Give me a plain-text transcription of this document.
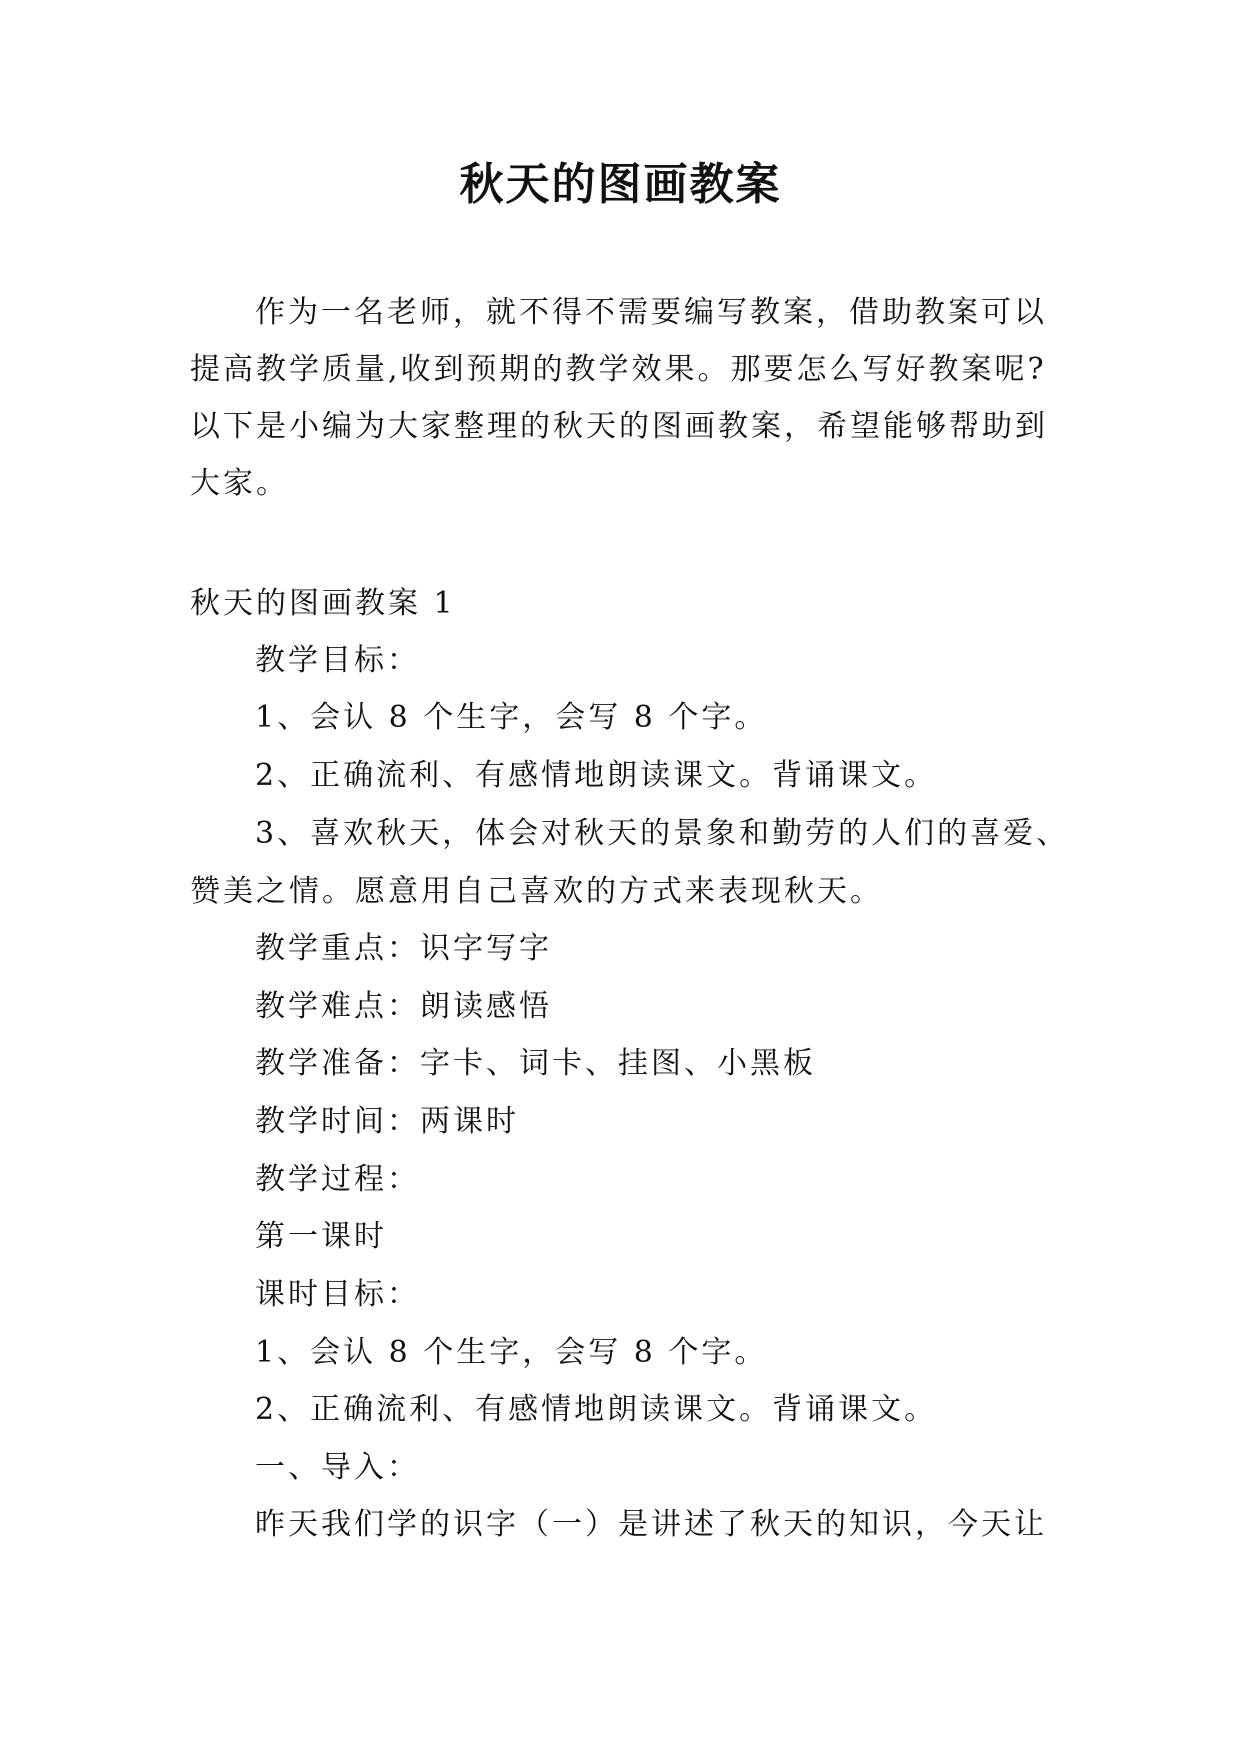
秋天的图画教案
作为一名老师，就不得不需要编写教案，借助教案可以
提高教学质量,收到预期的教学效果。那要怎么写好教案呢?
以下是小编为大家整理的秋天的图画教案，希望能够帮助到
大家。
秋天的图画教案 1
教学目标：
1、会认 8 个生字，会写 8 个字。
2、正确流利、有感情地朗读课文。背诵课文。
3、喜欢秋天，体会对秋天的景象和勤劳的人们的喜爱、
赞美之情。愿意用自己喜欢的方式来表现秋天。
教学重点：识字写字
教学难点：朗读感悟
教学准备：字卡、词卡、挂图、小黑板
教学时间：两课时
教学过程：
第一课时
课时目标：
1、会认 8 个生字，会写 8 个字。
2、正确流利、有感情地朗读课文。背诵课文。
一、导入：
昨天我们学的识字（一）是讲述了秋天的知识，今天让
